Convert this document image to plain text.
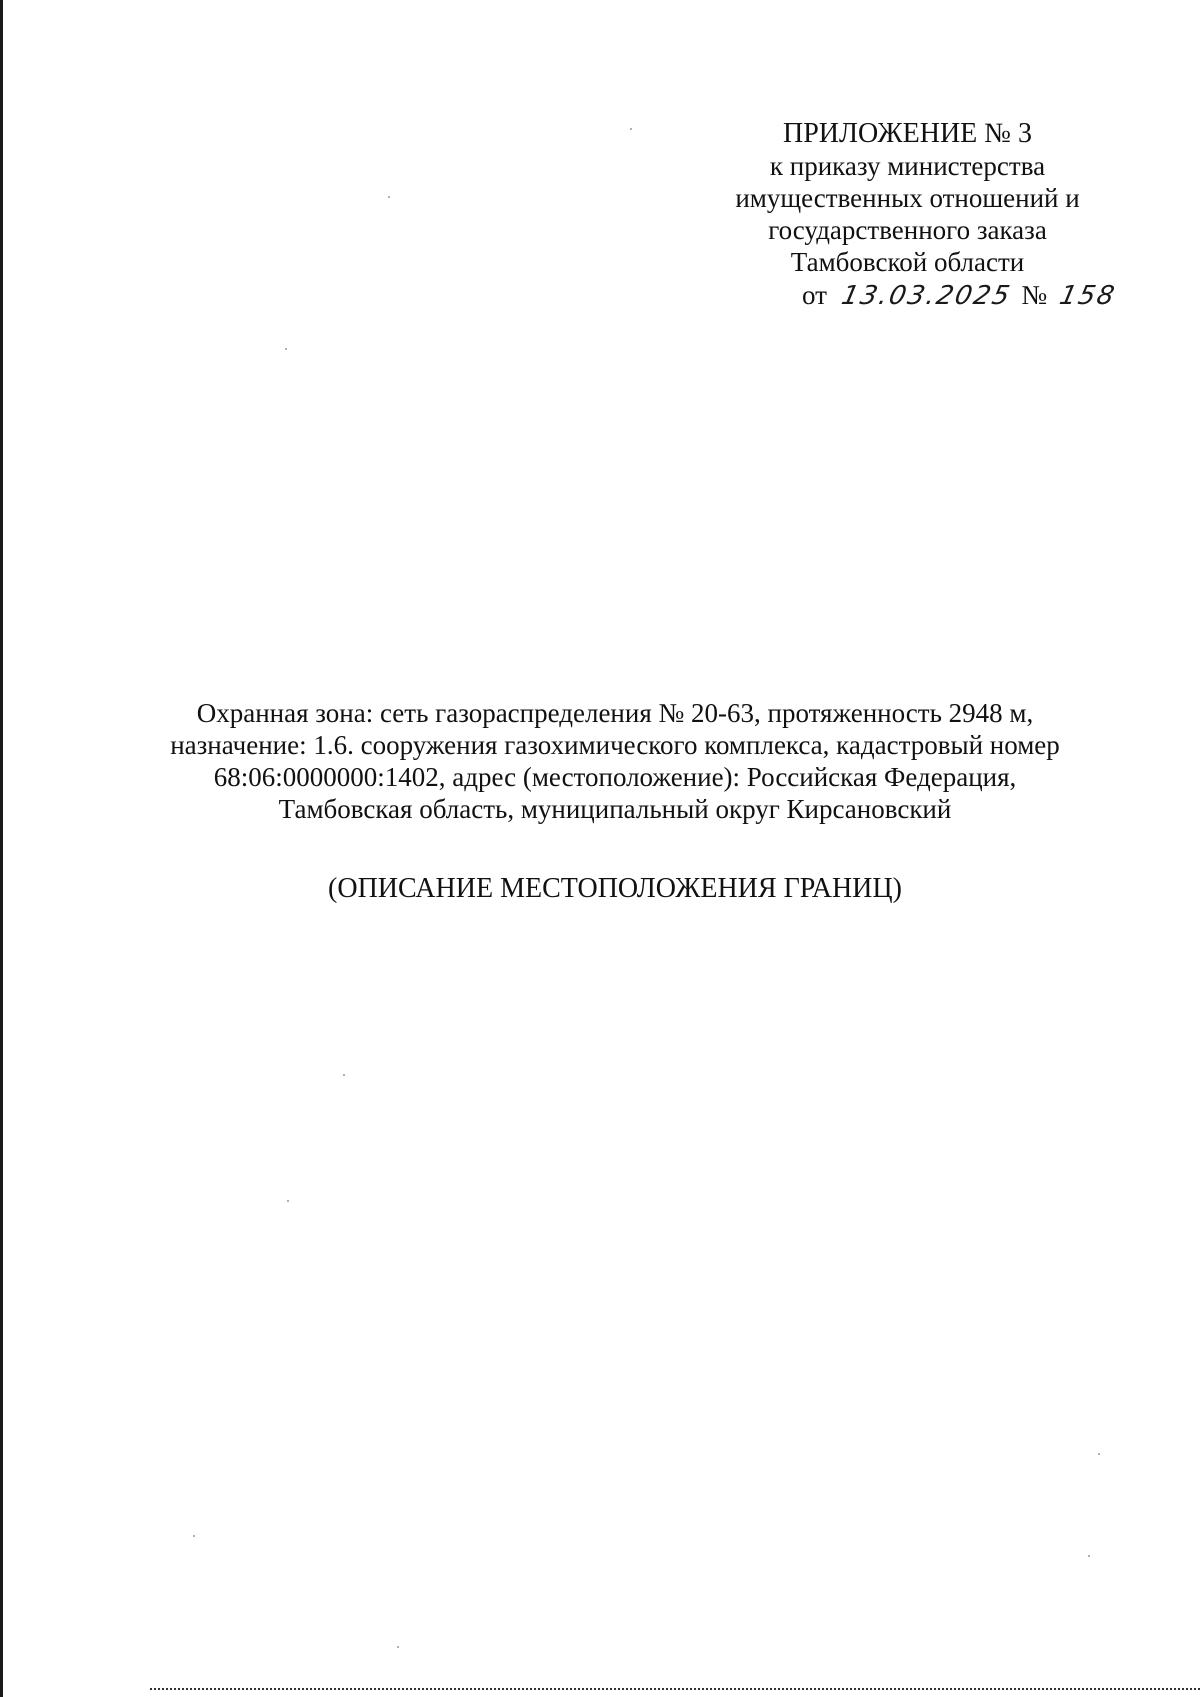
ПРИЛОЖЕНИЕ № 3
к приказу министерства
имущественных отношений и
государственного заказа
Тамбовской области
от 13.03.2025 № 158
Охранная зона: сеть газораспределения № 20-63, протяженность 2948 м,
назначение: 1.6. сооружения газохимического комплекса, кадастровый номер
68:06:0000000:1402, адрес (местоположение): Российская Федерация,
Тамбовская область, муниципальный округ Кирсановский
(ОПИСАНИЕ МЕСТОПОЛОЖЕНИЯ ГРАНИЦ)
